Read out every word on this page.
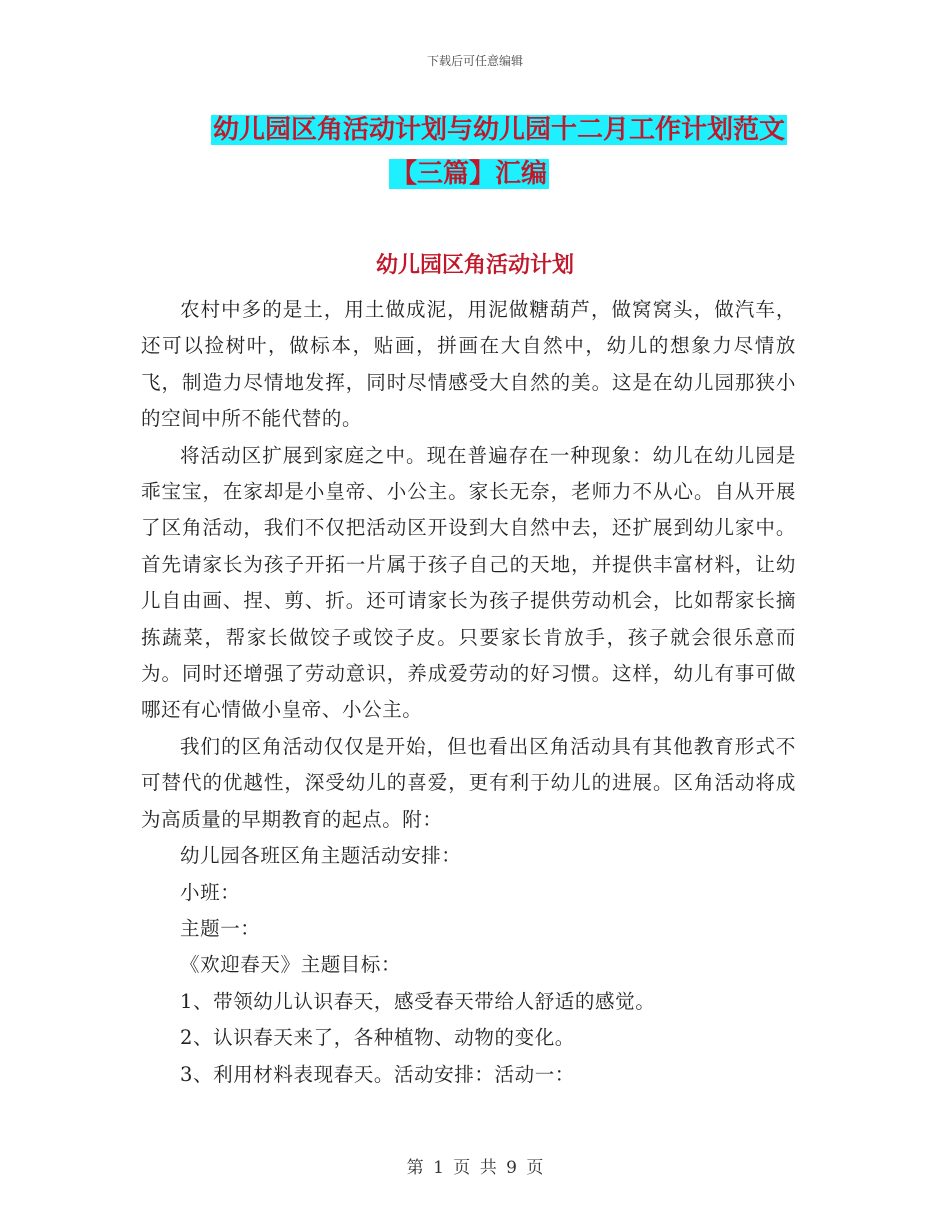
下载后可任意编辑
幼儿园区角活动计划与幼儿园十二月工作计划范文
【三篇】汇编
幼儿园区角活动计划

农村中多的是土，用土做成泥，用泥做糖葫芦，做窝窝头，做汽车，还可以捡树叶，做标本，贴画，拼画在大自然中，幼儿的想象力尽情放飞，制造力尽情地发挥，同时尽情感受大自然的美。这是在幼儿园那狭小的空间中所不能代替的。

将活动区扩展到家庭之中。现在普遍存在一种现象：幼儿在幼儿园是乖宝宝，在家却是小皇帝、小公主。家长无奈，老师力不从心。自从开展了区角活动，我们不仅把活动区开设到大自然中去，还扩展到幼儿家中。首先请家长为孩子开拓一片属于孩子自己的天地，并提供丰富材料，让幼儿自由画、捏、剪、折。还可请家长为孩子提供劳动机会，比如帮家长摘拣蔬菜，帮家长做饺子或饺子皮。只要家长肯放手，孩子就会很乐意而为。同时还增强了劳动意识，养成爱劳动的好习惯。这样，幼儿有事可做哪还有心情做小皇帝、小公主。

我们的区角活动仅仅是开始，但也看出区角活动具有其他教育形式不可替代的优越性，深受幼儿的喜爱，更有利于幼儿的进展。区角活动将成为高质量的早期教育的起点。附：

幼儿园各班区角主题活动安排：

小班：

主题一：

《欢迎春天》主题目标：

1、带领幼儿认识春天，感受春天带给人舒适的感觉。

2、认识春天来了，各种植物、动物的变化。

3、利用材料表现春天。活动安排：活动一：

第 1 页 共 9 页
